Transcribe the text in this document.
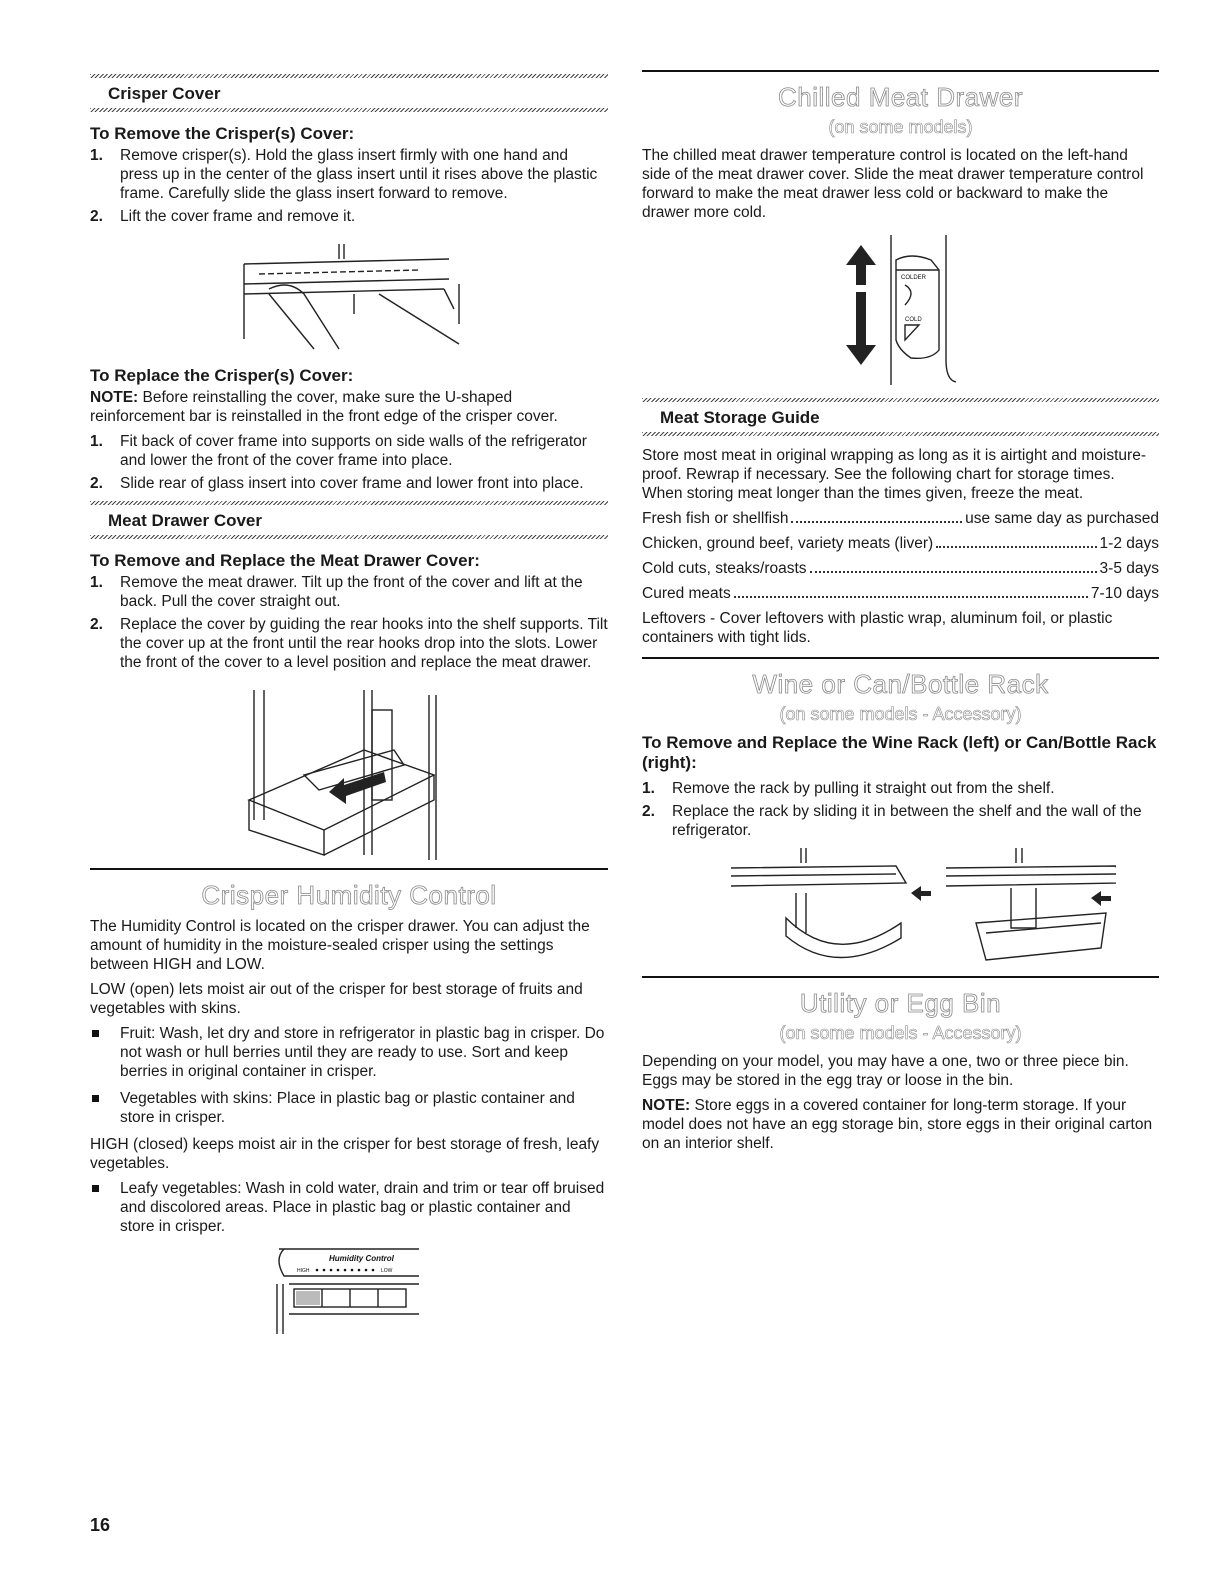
Crisper Cover
To Remove the Crisper(s) Cover:
1. Remove crisper(s). Hold the glass insert firmly with one hand and press up in the center of the glass insert until it rises above the plastic frame. Carefully slide the glass insert forward to remove.
2. Lift the cover frame and remove it.
To Replace the Crisper(s) Cover:

NOTE: Before reinstalling the cover, make sure the U-shaped reinforcement bar is reinstalled in the front edge of the crisper cover.

1. Fit back of cover frame into supports on side walls of the refrigerator and lower the front of the cover frame into place.
2. Slide rear of glass insert into cover frame and lower front into place.
Meat Drawer Cover
To Remove and Replace the Meat Drawer Cover:
1. Remove the meat drawer. Tilt up the front of the cover and lift at the back. Pull the cover straight out.
2. Replace the cover by guiding the rear hooks into the shelf supports. Tilt the cover up at the front until the rear hooks drop into the slots. Lower the front of the cover to a level position and replace the meat drawer.
Crisper Humidity Control

The Humidity Control is located on the crisper drawer. You can adjust the amount of humidity in the moisture-sealed crisper using the settings between HIGH and LOW.

LOW (open) lets moist air out of the crisper for best storage of fruits and vegetables with skins.

Fruit: Wash, let dry and store in refrigerator in plastic bag in crisper. Do not wash or hull berries until they are ready to use. Sort and keep berries in original container in crisper.
Vegetables with skins: Place in plastic bag or plastic container and store in crisper.

HIGH (closed) keeps moist air in the crisper for best storage of fresh, leafy vegetables.

Leafy vegetables: Wash in cold water, drain and trim or tear off bruised and discolored areas. Place in plastic bag or plastic container and store in crisper.
Humidity Control
HIGH	LOW
Chilled Meat Drawer
(on some models)

The chilled meat drawer temperature control is located on the left-hand side of the meat drawer cover. Slide the meat drawer temperature control forward to make the meat drawer less cold or backward to make the drawer more cold.

COLDER
COLD
Meat Storage Guide

Store most meat in original wrapping as long as it is airtight and moisture-proof. Rewrap if necessary. See the following chart for storage times. When storing meat longer than the times given, freeze the meat.

Fresh fish or shellfish	use same day as purchased
Chicken, ground beef, variety meats (liver)	1-2 days
Cold cuts, steaks/roasts	3-5 days
Cured meats	7-10 days

Leftovers - Cover leftovers with plastic wrap, aluminum foil, or plastic containers with tight lids.

Wine or Can/Bottle Rack
(on some models - Accessory)
To Remove and Replace the Wine Rack (left) or Can/Bottle Rack (right):
1. Remove the rack by pulling it straight out from the shelf.
2. Replace the rack by sliding it in between the shelf and the wall of the refrigerator.
Utility or Egg Bin
(on some models - Accessory)

Depending on your model, you may have a one, two or three piece bin. Eggs may be stored in the egg tray or loose in the bin.

NOTE: Store eggs in a covered container for long-term storage. If your model does not have an egg storage bin, store eggs in their original carton on an interior shelf.

16
